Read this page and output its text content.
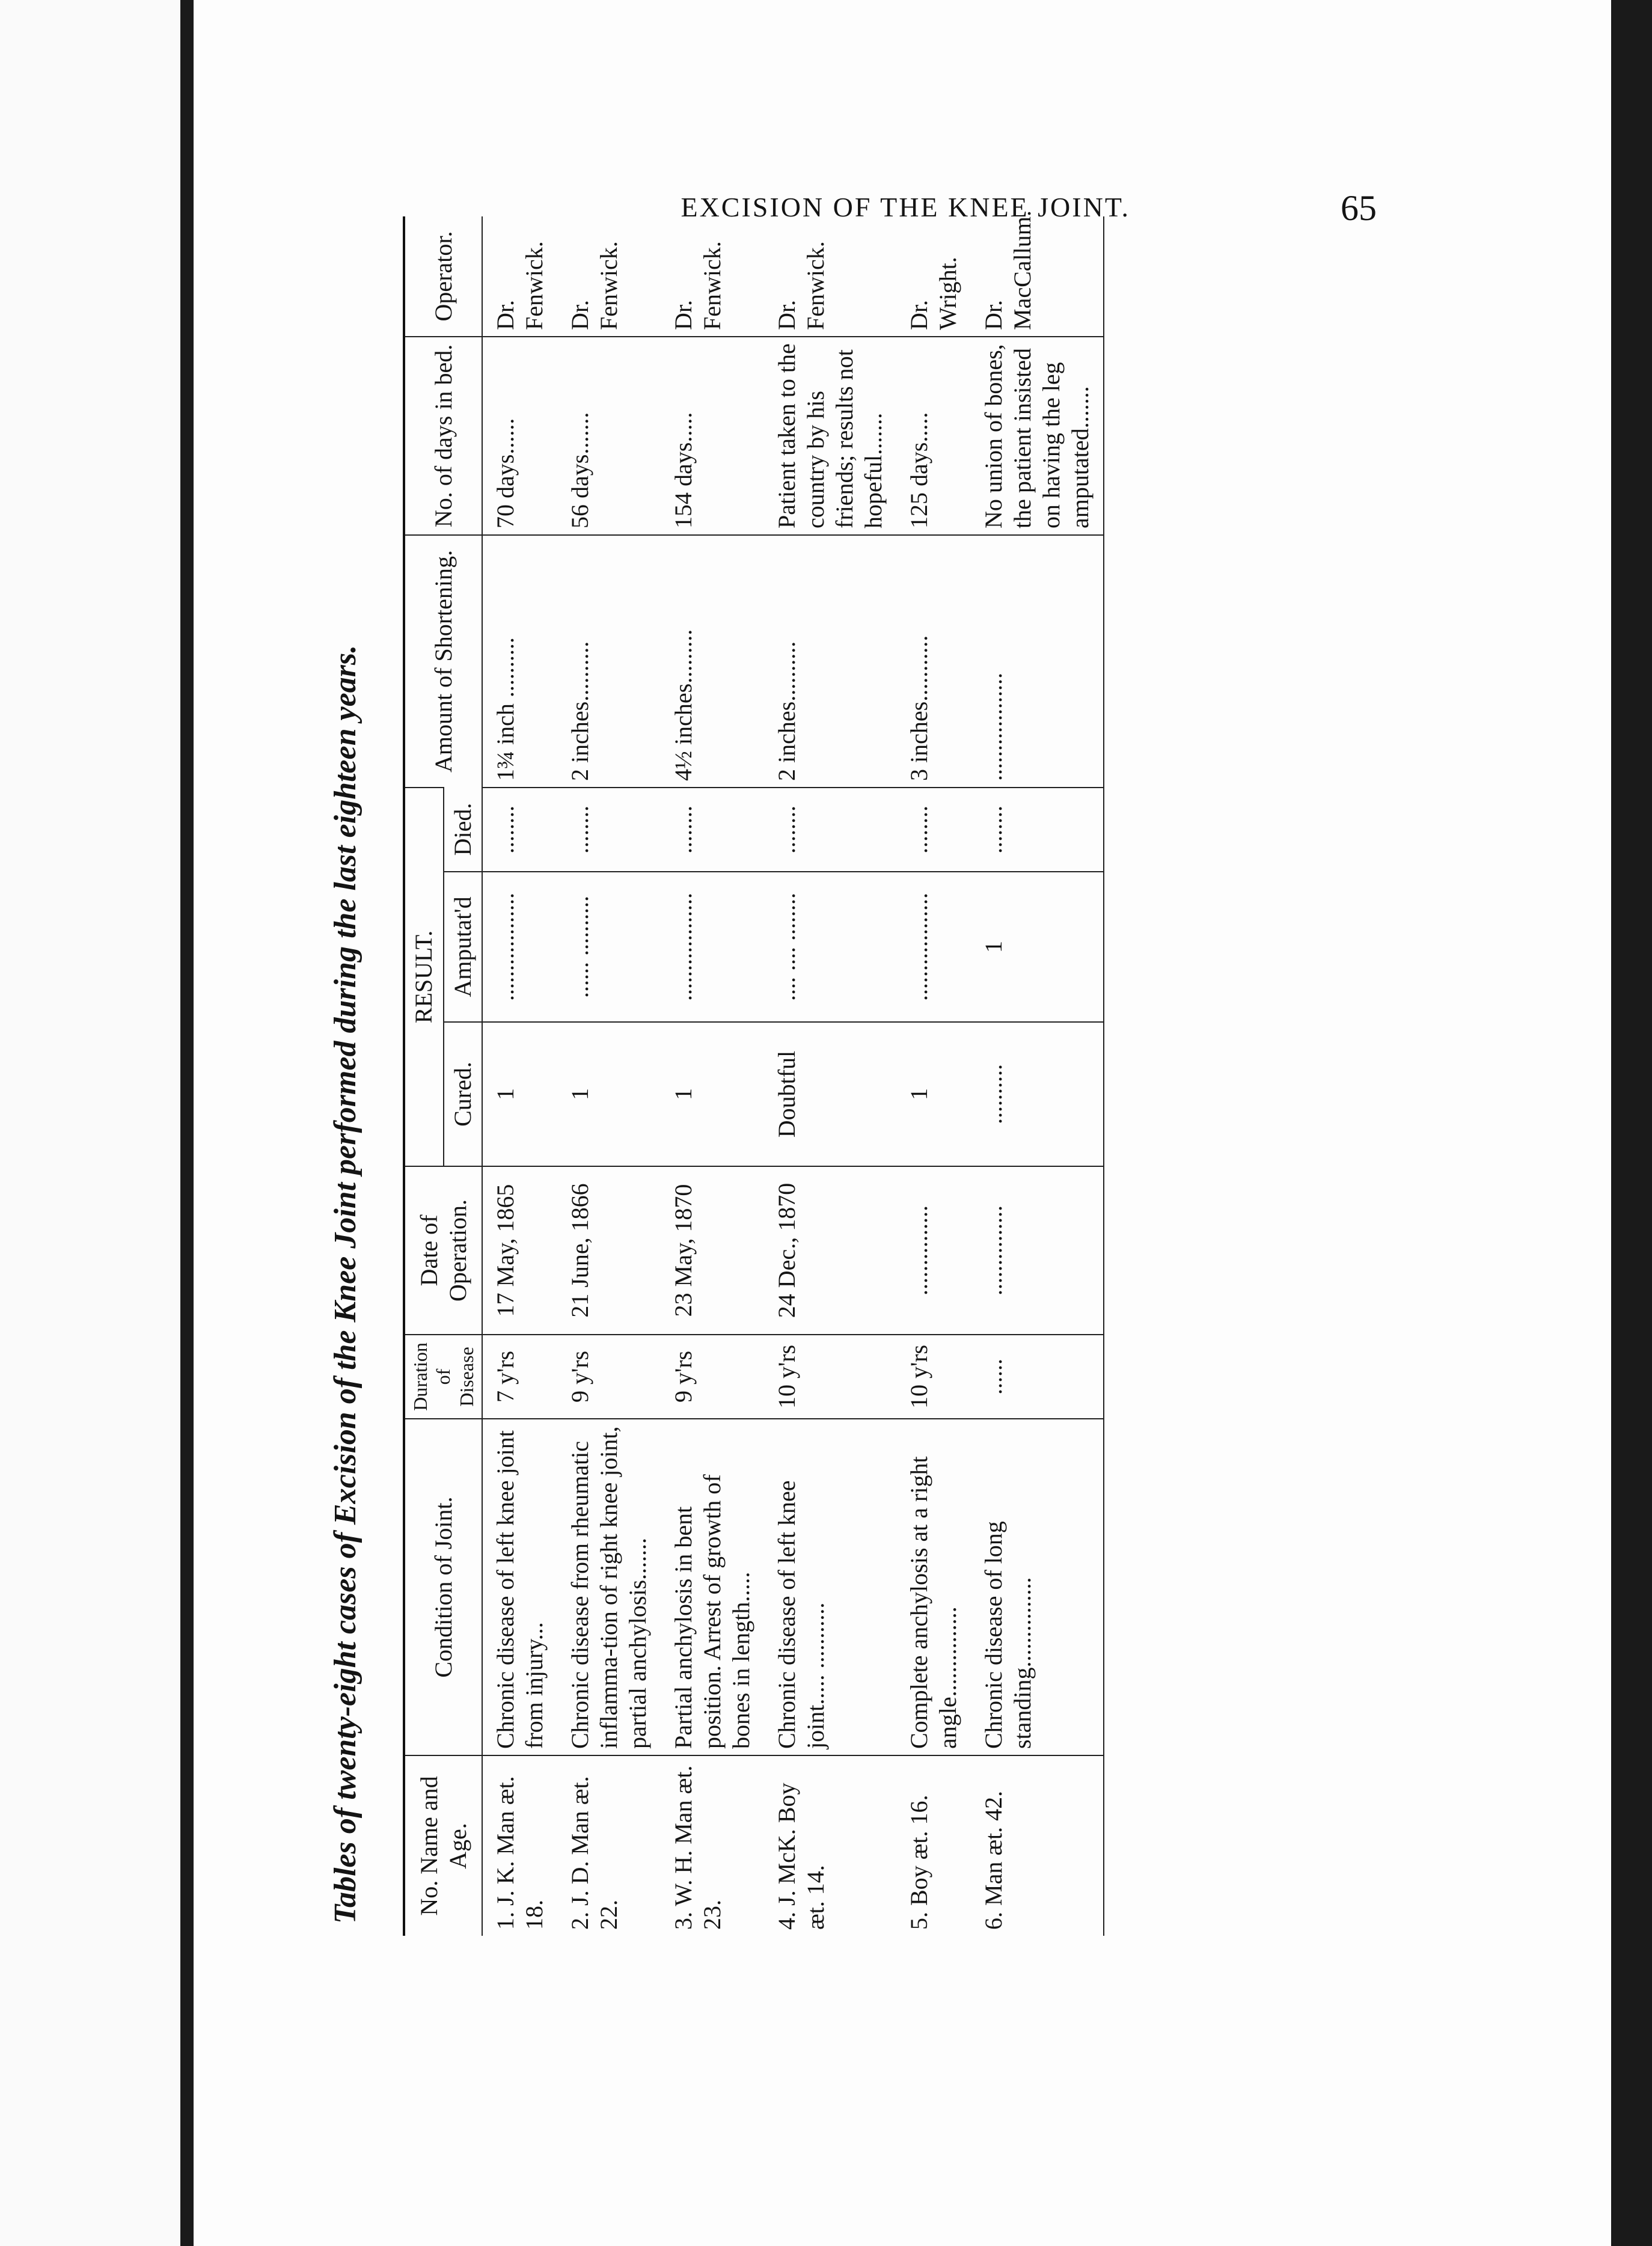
EXCISION OF THE KNEE JOINT.	65
Tables of twenty-eight cases of Excision of the Knee Joint performed during the last eighteen years.	No. Name and Age.	Condition of Joint.	Duration of Disease	Date of Operation.	RESULT.			Amount of Shortening.	No. of days in bed.	Operator.
				Cured.	Amputat'd	Died.			
1. J. K. Man æt. 18.	Chronic disease of left knee joint from injury...	7 y'rs	17 May, 1865	1	..................	........	1¾ inch ..........	70 days......	Dr. Fenwick.
2. J. D. Man æt. 22.	Chronic disease from rheumatic inflamma-tion of right knee joint, partial anchylosis.......	9 y'rs	21 June, 1866	1	...... ..........	........	2 inches..........	56 days.......	Dr. Fenwick.
3. W. H. Man æt. 23.	Partial anchylosis in bent position. Arrest of growth of bones in length.....	9 y'rs	23 May, 1870	1	..................	........	4½ inches.........	154 days.....	Dr. Fenwick.
4. J. McK. Boy æt. 14.	Chronic disease of left knee joint..... ...........	10 y'rs	24 Dec., 1870	Doubtful	.... .... ........	........	2 inches..........	Patient taken to the country by his friends; results not hopeful.......	Dr. Fenwick.
5. Boy æt. 16.	Complete anchylosis at a right angle...............	10 y'rs	...............	1	..................	........	3 inches...........	125 days.....	Dr. Wright.
6. Man æt. 42.	Chronic disease of long standing...............	......	...............	..........	1	........	..................	No union of bones, the patient insisted on having the leg amputated.......	Dr. MacCallum.
